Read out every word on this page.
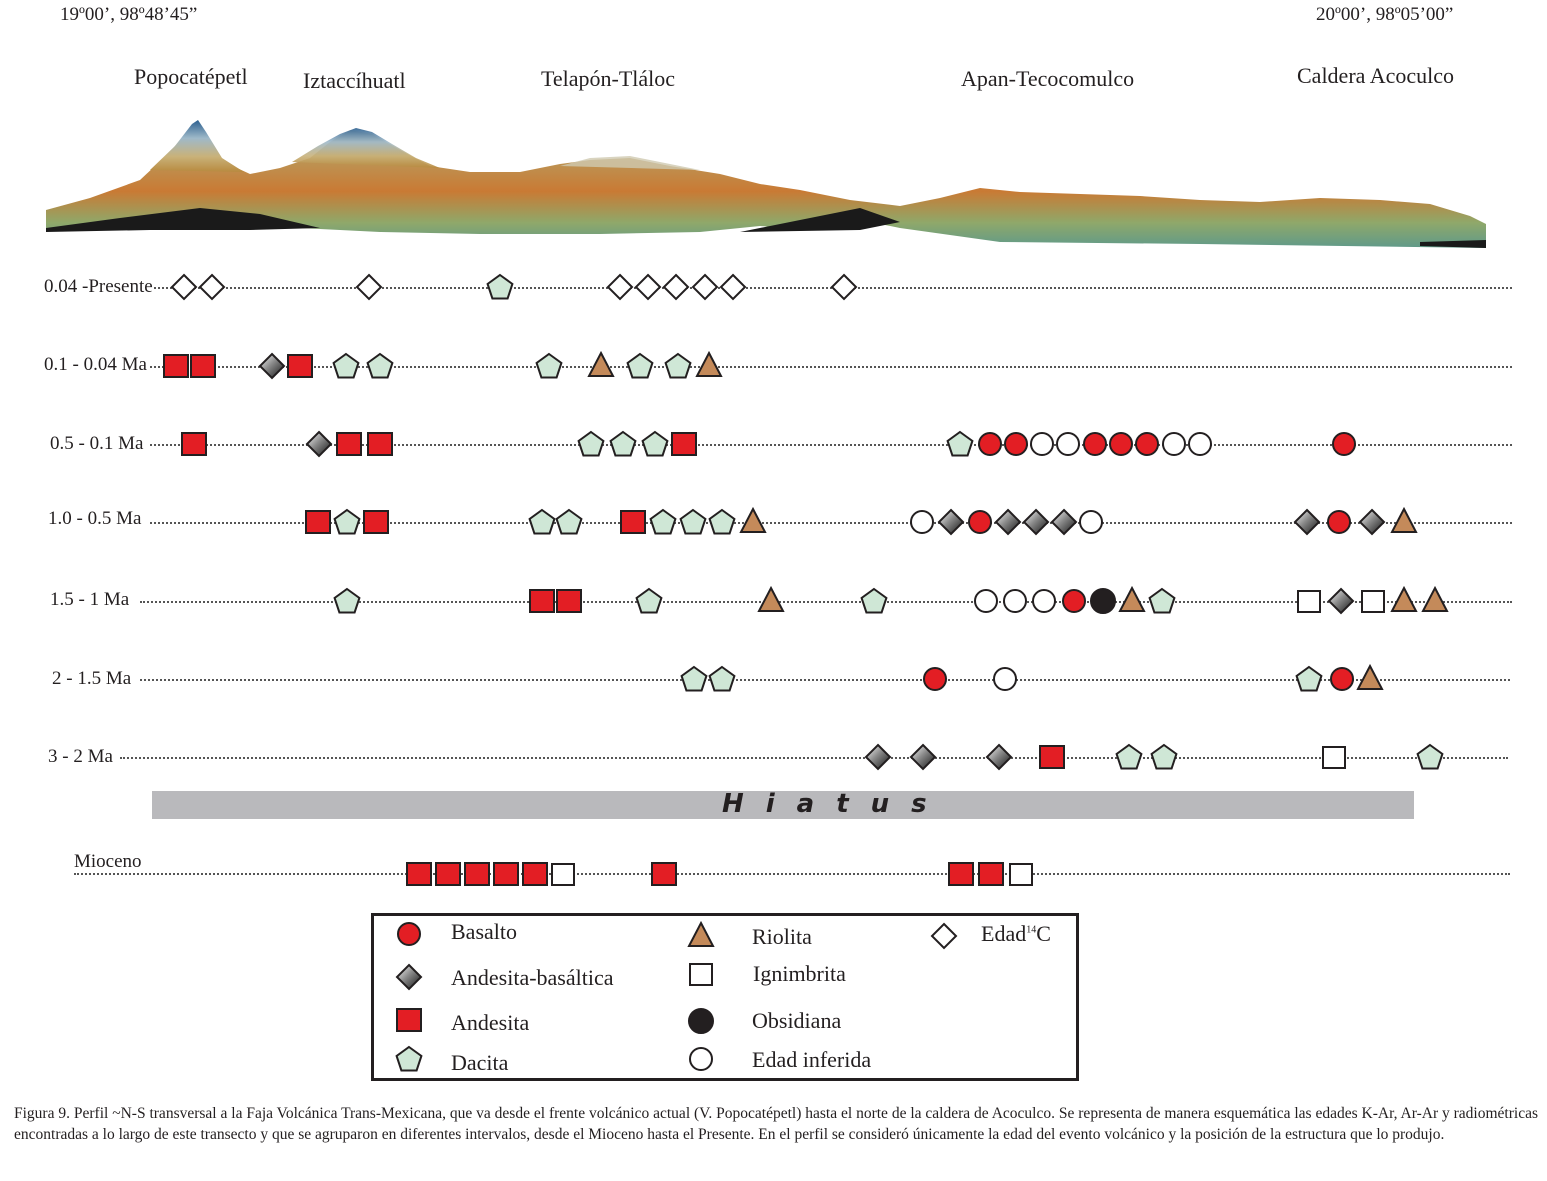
19º00’, 98º48’45”	20º00’, 98º05’00”
Popocatépetl	Iztaccíhuatl	Telapón-Tláloc	Apan-Tecocomulco	Caldera Acoculco
0.04 -Presente
0.1 - 0.04 Ma
0.5 - 0.1 Ma
1.0 - 0.5 Ma
1.5 - 1 Ma
2 - 1.5 Ma
3 - 2 Ma
Hiatus
Mioceno
Basalto
Andesita-basáltica
Andesita
Dacita
Riolita
Ignimbrita
Obsidiana
Edad inferida
Edad$^{14}$C
Figura 9. Perfil ~N-S transversal a la Faja Volcánica Trans-Mexicana, que va desde el frente volcánico actual (V. Popocatépetl) hasta el norte de la caldera de Acoculco. Se representa de manera esquemática las edades K-Ar, Ar-Ar y radiométricas encontradas a lo largo de este transecto y que se agruparon en diferentes intervalos, desde el Mioceno hasta el Presente. En el perfil se consideró únicamente la edad del evento volcánico y la posición de la estructura que lo produjo.
